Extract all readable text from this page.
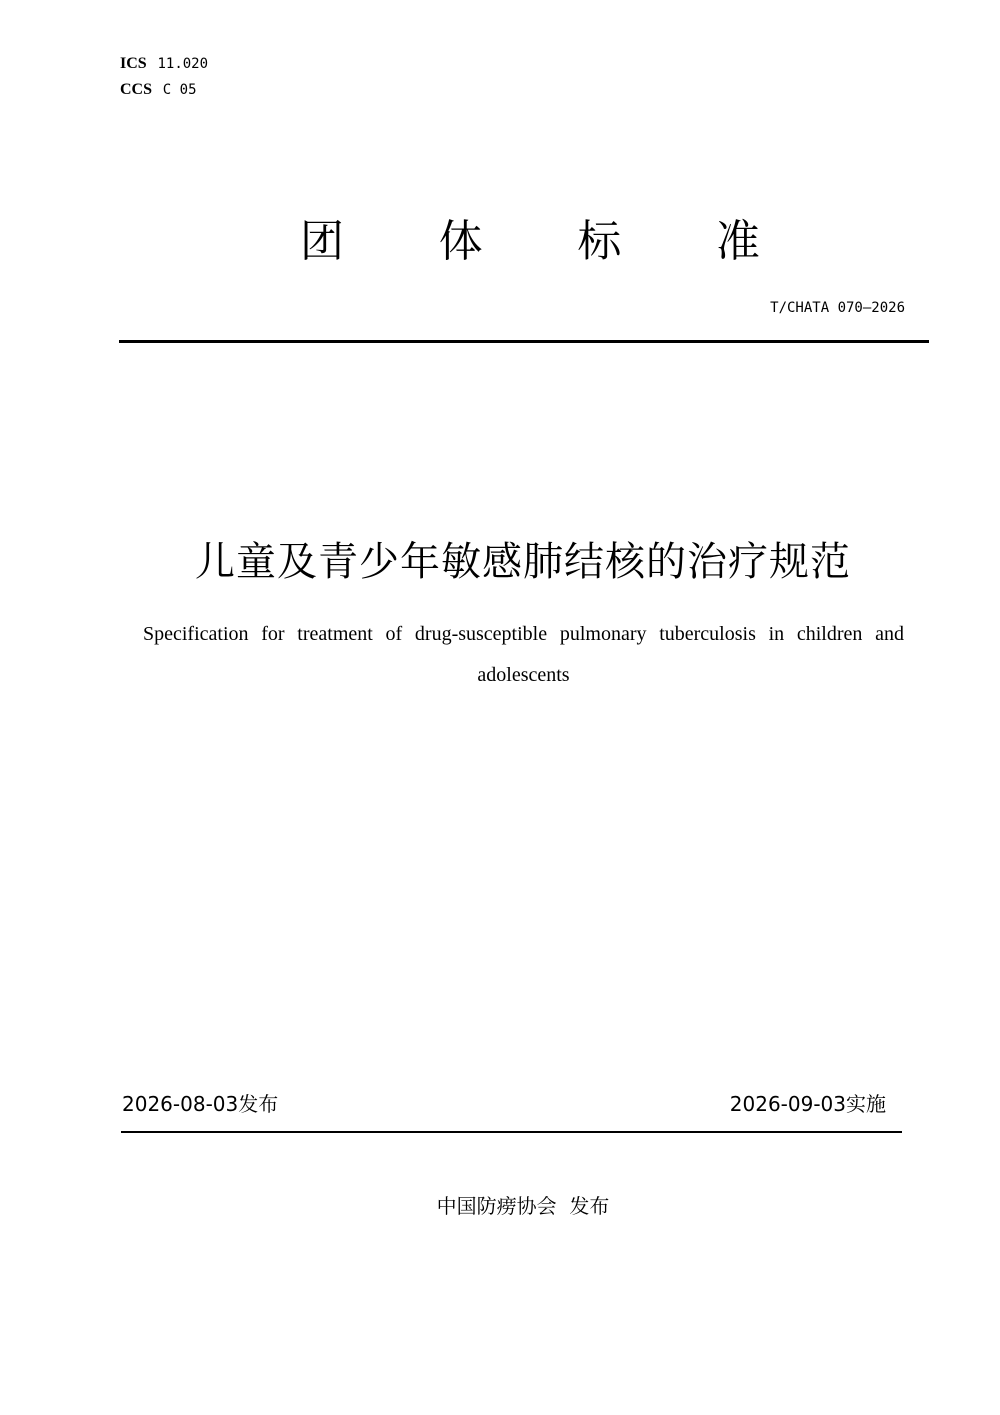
ICS 11.020
CCS C 05
团 体 标 准
T/CHATA 070—2026
儿童及青少年敏感肺结核的治疗规范
Specification for treatment of drug-susceptible pulmonary tuberculosis in children and adolescents
2026-08-03发布	2026-09-03实施
中国防痨协会  发布
